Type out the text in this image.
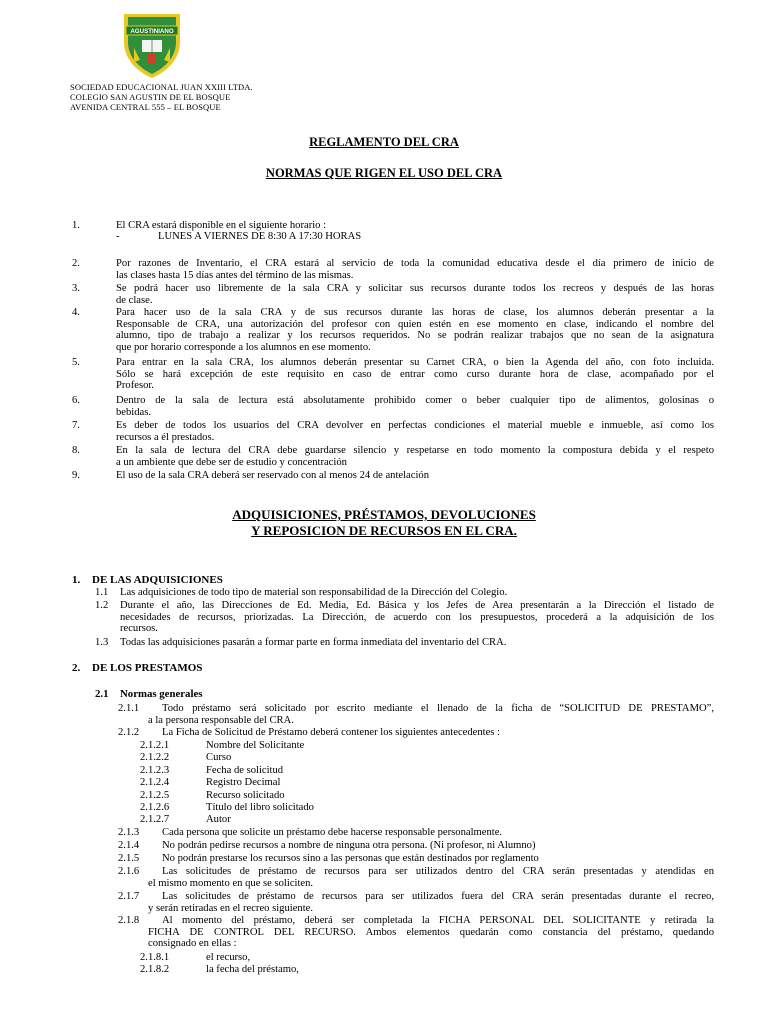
AGUSTINIANO
SOCIEDAD EDUCACIONAL JUAN XXIII LTDA.
COLEGIO SAN AGUSTIN DE EL BOSQUE
AVENIDA CENTRAL 555 – EL BOSQUE
REGLAMENTO DEL CRA
NORMAS QUE RIGEN EL USO DEL CRA
1.	El CRA estará disponible en el siguiente horario :
2.	Por razones de Inventario, el CRA estará al servicio de toda la comunidad educativa desde el día primero de inicio de
las clases hasta 15 días antes del término de las mismas.
3.	Se podrá hacer uso libremente de la sala CRA y solicitar sus recursos durante todos los recreos y después de las horas
de clase.
4.	Para hacer uso de la sala CRA y de sus recursos durante las horas de clase, los alumnos deberán presentar a la
Responsable de CRA, una autorización del profesor con quien estén en ese momento en clase, indicando el nombre del
alumno, tipo de trabajo a realizar y los recursos requeridos. No se podrán realizar trabajos que no sean de la asignatura
que por horario corresponde a los alumnos en ese momento.
5.	Para entrar en la sala CRA, los alumnos deberán presentar su Carnet CRA, o bien la Agenda del año, con foto incluida.
Sólo se hará excepción de este requisito en caso de entrar como curso durante hora de clase, acompañado por el
Profesor.
6.	Dentro de la sala de lectura está absolutamente prohibido comer o beber cualquier tipo de alimentos, golosinas o
bebidas.
7.	Es deber de todos los usuarios del CRA devolver en perfectas condiciones el material mueble e inmueble, así como los
recursos a él prestados.
8.	En la sala de lectura del CRA debe guardarse silencio y respetarse en todo momento la compostura debida y el respeto
a un ambiente que debe ser de estudio y concentración
9.	El uso de la sala CRA deberá ser reservado con al menos 24 de antelación
-	LUNES A VIERNES DE 8:30 A 17:30 HORAS
ADQUISICIONES, PRÉSTAMOS, DEVOLUCIONES
Y REPOSICION DE RECURSOS EN EL CRA.
1. DE LAS ADQUISICIONES
1.1 Las adquisiciones de todo tipo de material son responsabilidad de la Dirección del Colegio.
1.2 Durante el año, las Direcciones de Ed. Media, Ed. Básica y los Jefes de Area presentarán a la Dirección el listado de
necesidades de recursos, priorizadas. La Dirección, de acuerdo con los presupuestos, procederá a la adquisición de los
recursos.
1.3 Todas las adquisiciones pasarán a formar parte en forma inmediata del inventario del CRA.
2. DE LOS PRESTAMOS
2.1 Normas generales
2.1.1 Todo préstamo será solicitado por escrito mediante el llenado de la ficha de “SOLICITUD DE PRESTAMO”,
a la persona responsable del CRA.
2.1.2 La Ficha de Solicitud de Préstamo deberá contener los siguientes antecedentes :
2.1.2.1	Nombre del Solicitante
2.1.2.2	Curso
2.1.2.3	Fecha de solicitud
2.1.2.4	Registro Decimal
2.1.2.5	Recurso solicitado
2.1.2.6	Título del libro solicitado
2.1.2.7	Autor
2.1.3 Cada persona que solicite un préstamo debe hacerse responsable personalmente.
2.1.4 No podrán pedirse recursos a nombre de ninguna otra persona. (Ni profesor, ni Alumno)
2.1.5 No podrán prestarse los recursos sino a las personas que están destinados por reglamento
2.1.6 Las solicitudes de préstamo de recursos para ser utilizados dentro del CRA serán presentadas y atendidas en
el mismo momento en que se soliciten.
2.1.7 Las solicitudes de préstamo de recursos para ser utilizados fuera del CRA serán presentadas durante el recreo,
y serán retiradas en el recreo siguiente.
2.1.8 Al momento del préstamo, deberá ser completada la FICHA PERSONAL DEL SOLICITANTE y retirada la
FICHA DE CONTROL DEL RECURSO. Ambos elementos quedarán como constancia del préstamo, quedando
consignado en ellas :
2.1.8.1	el recurso,
2.1.8.2	la fecha del préstamo,
